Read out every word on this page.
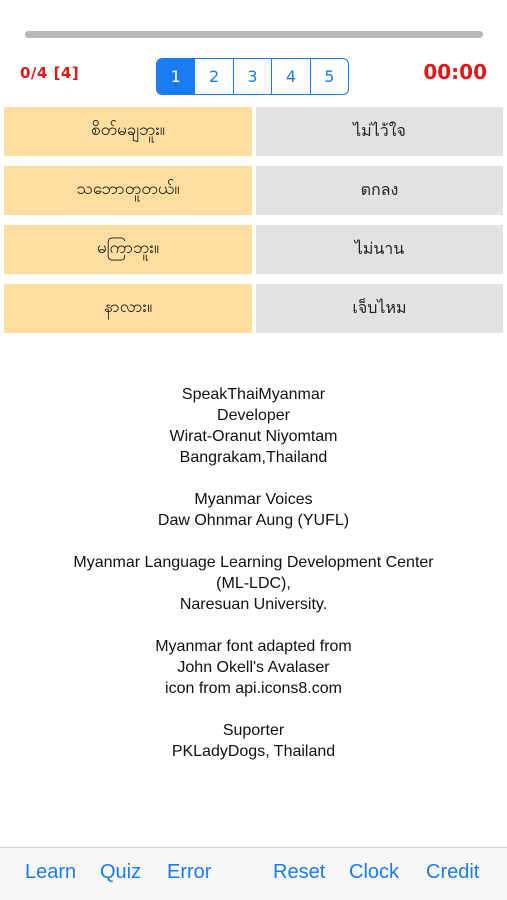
0/4 [4]	1	2	3	4	5	00:00
စိတ်မချဘူး။	ไม่ไว้ใจ
သဘောတူတယ်။	ตกลง
မကြာဘူး။	ไม่นาน
နာလား။	เจ็บไหม
SpeakThaiMyanmar
Developer
Wirat-Oranut Niyomtam
Bangrakam,Thailand
Myanmar Voices
Daw Ohnmar Aung (YUFL)
Myanmar Language Learning Development Center
(ML-LDC),
Naresuan University.
Myanmar font adapted from
John Okell's Avalaser
icon from api.icons8.com
Suporter
PKLadyDogs, Thailand
Learn Quiz Error	Reset Clock Credit
